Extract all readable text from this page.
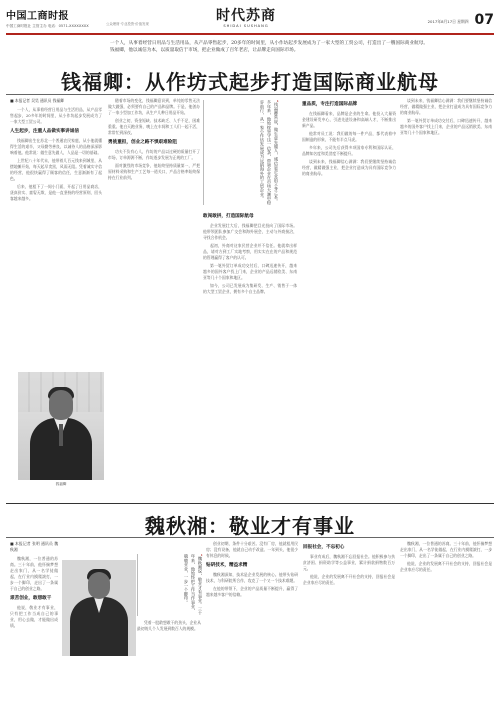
中国工商时报
中国工商时报社 主管主办 电话：0571-XXXXXXXX	公众理财·专业投资·价值发现	时代苏商
SHIDAI SUSHANG
2017年8月17日 星期四 07
一个人，从事着经营日用品与生活用品，从产品零售起步，20多年的时间里，从小作坊起步发展成为了一家大型的工贸公司，打造出了一艘国际商业航母。钱福卿，他以诚信为本，以质量取信于市场，把企业做成了百年老店，让品牌走向国际市场。
钱福卿：从作坊式起步打造国际商业航母
■ 本报记者 吴昊 通讯员 钱福卿

一个人，从事着经营日用品与生活用品，从产品零售起步，20多年的时间里，从小作坊起步发展成为了一家大型工贸公司。

人生起步，注重人品做实事讲诚信

钱福卿出生在苏北一个普通农民家庭，从小他就懂得生活的艰辛，父母勤劳善良，以诚待人的品格深深影响着他。他常说：做生意先做人，人品是一切的基础。

上世纪八十年代末，他带着几百元钱来到城里，从摆地摊开始，每天起早贪黑，风雨无阻。凭着诚实守信的经营，他很快赢得了顾客的信任，生意渐渐有了起色。

后来，他租下了一间小门面，开起了日用品商店，货真价实、童叟无欺，是他一直坚持的经营原则，回头客越来越多。

钱福卿

随着市场的变化，钱福卿意识到，单纯的零售无法做大做强，必须要有自己的产品和品牌。于是，他创办了一家小型加工作坊，从生产几种日用品开始。

创业之初，资金短缺、技术缺乏、人手不足，困难重重。他白天跑业务，晚上在车间和工人们一起干活，常常忙到深夜。

勇挑重担，创业之路不惧艰难险阻

功夫不负有心人，作坊的产品以过硬的质量打开了市场，订单源源不断，作坊逐步发展为正规的工厂。

面对激烈的市场竞争，他始终坚持质量第一，严把原材料采购和生产工艺每一道关口，产品合格率始终保持在行业前列。

“钱福卿常说，做生意先做人，诚信是企业的立身之本。多年来，他始终坚守这一信条，带领企业在市场大潮中稳步前行，从一家小作坊发展成为远销海外的工贸企业。
敢闯敢拼，打造国际航母

企业发展壮大后，钱福卿把目光投向了国际市场。他带领团队参加广交会和海外展会，主动与外商接洽，寻找合作机会。

起初，外商对这家民营企业并不信任。他就拿出样品，请对方到工厂实地考察，用实实在在的产品和规范的管理赢得了客户的认可。

第一笔外贸订单成功交付后，口碑迅速传开，越来越多的国外客户找上门来，企业的产品远销欧美、东南亚等几十个国家和地区。

如今，公司已发展成为集研发、生产、销售于一体的大型工贸企业，拥有多个自主品牌。

重品质，专注打造国际品牌

在钱福卿看来，品牌是企业的生命。他投入大量资金建设研发中心，引进先进设备和高端人才，不断推出新产品。

他常对员工说：我们做的每一件产品，都代表着中国制造的形象，不能有半点马虎。

多年来，公司先后获得多项国家专利和国际认证，品牌知名度和美誉度不断提升。

谈到未来，钱福卿信心满满：我们要继续坚持诚信经营，做精做强主业，把企业打造成为具有国际竞争力的商业航母。

谈到未来，钱福卿信心满满：我们要继续坚持诚信经营，做精做强主业，把企业打造成为具有国际竞争力的商业航母。

第一笔外贸订单成功交付后，口碑迅速传开，越来越多的国外客户找上门来，企业的产品远销欧美、东南亚等几十个国家和地区。

魏秋湘：敬业才有事业
■ 本报记者 张明 通讯员 魏秋湘

魏秋湘，一位普通的苏商。三十年前，他怀揣梦想走出家门，从一名学徒做起，在行业内摸爬滚打，一步一个脚印，走出了一条属于自己的创业之路。

艰苦创业，敢想敢干

他说，敬业才有事业，只有把工作当成自己的事业，用心去做，才能做出成绩。

“魏秋湘说，敬业才有事业。三十年来，他始终把工作当作事业，兢兢业业，一步一个脚印。

凭着一股敢想敢干的劲头，企业从最初的几个人发展到数百人的规模。

创业初期，条件十分艰苦。没有厂房，他就租用民房；没有设备，他就自己动手改造。一年到头，他很少有休息的时候。

钻研技术，精益求精

魏秋湘深知，技术是企业发展的核心。他带头钻研技术，与科研院所合作，攻克了一个又一个技术难题。

在他的带领下，企业的产品质量不断提升，赢得了越来越多客户的信赖。

回报社会，不忘初心

事业有成后，魏秋湘不忘回报社会。他积极参与扶贫济困、捐资助学等公益事业，累计捐款捐物数百万元。

他说，企业的发展离不开社会的支持，回报社会是企业家应尽的责任。

魏秋湘，一位普通的苏商。三十年前，他怀揣梦想走出家门，从一名学徒做起，在行业内摸爬滚打，一步一个脚印，走出了一条属于自己的创业之路。

他说，企业的发展离不开社会的支持，回报社会是企业家应尽的责任。
